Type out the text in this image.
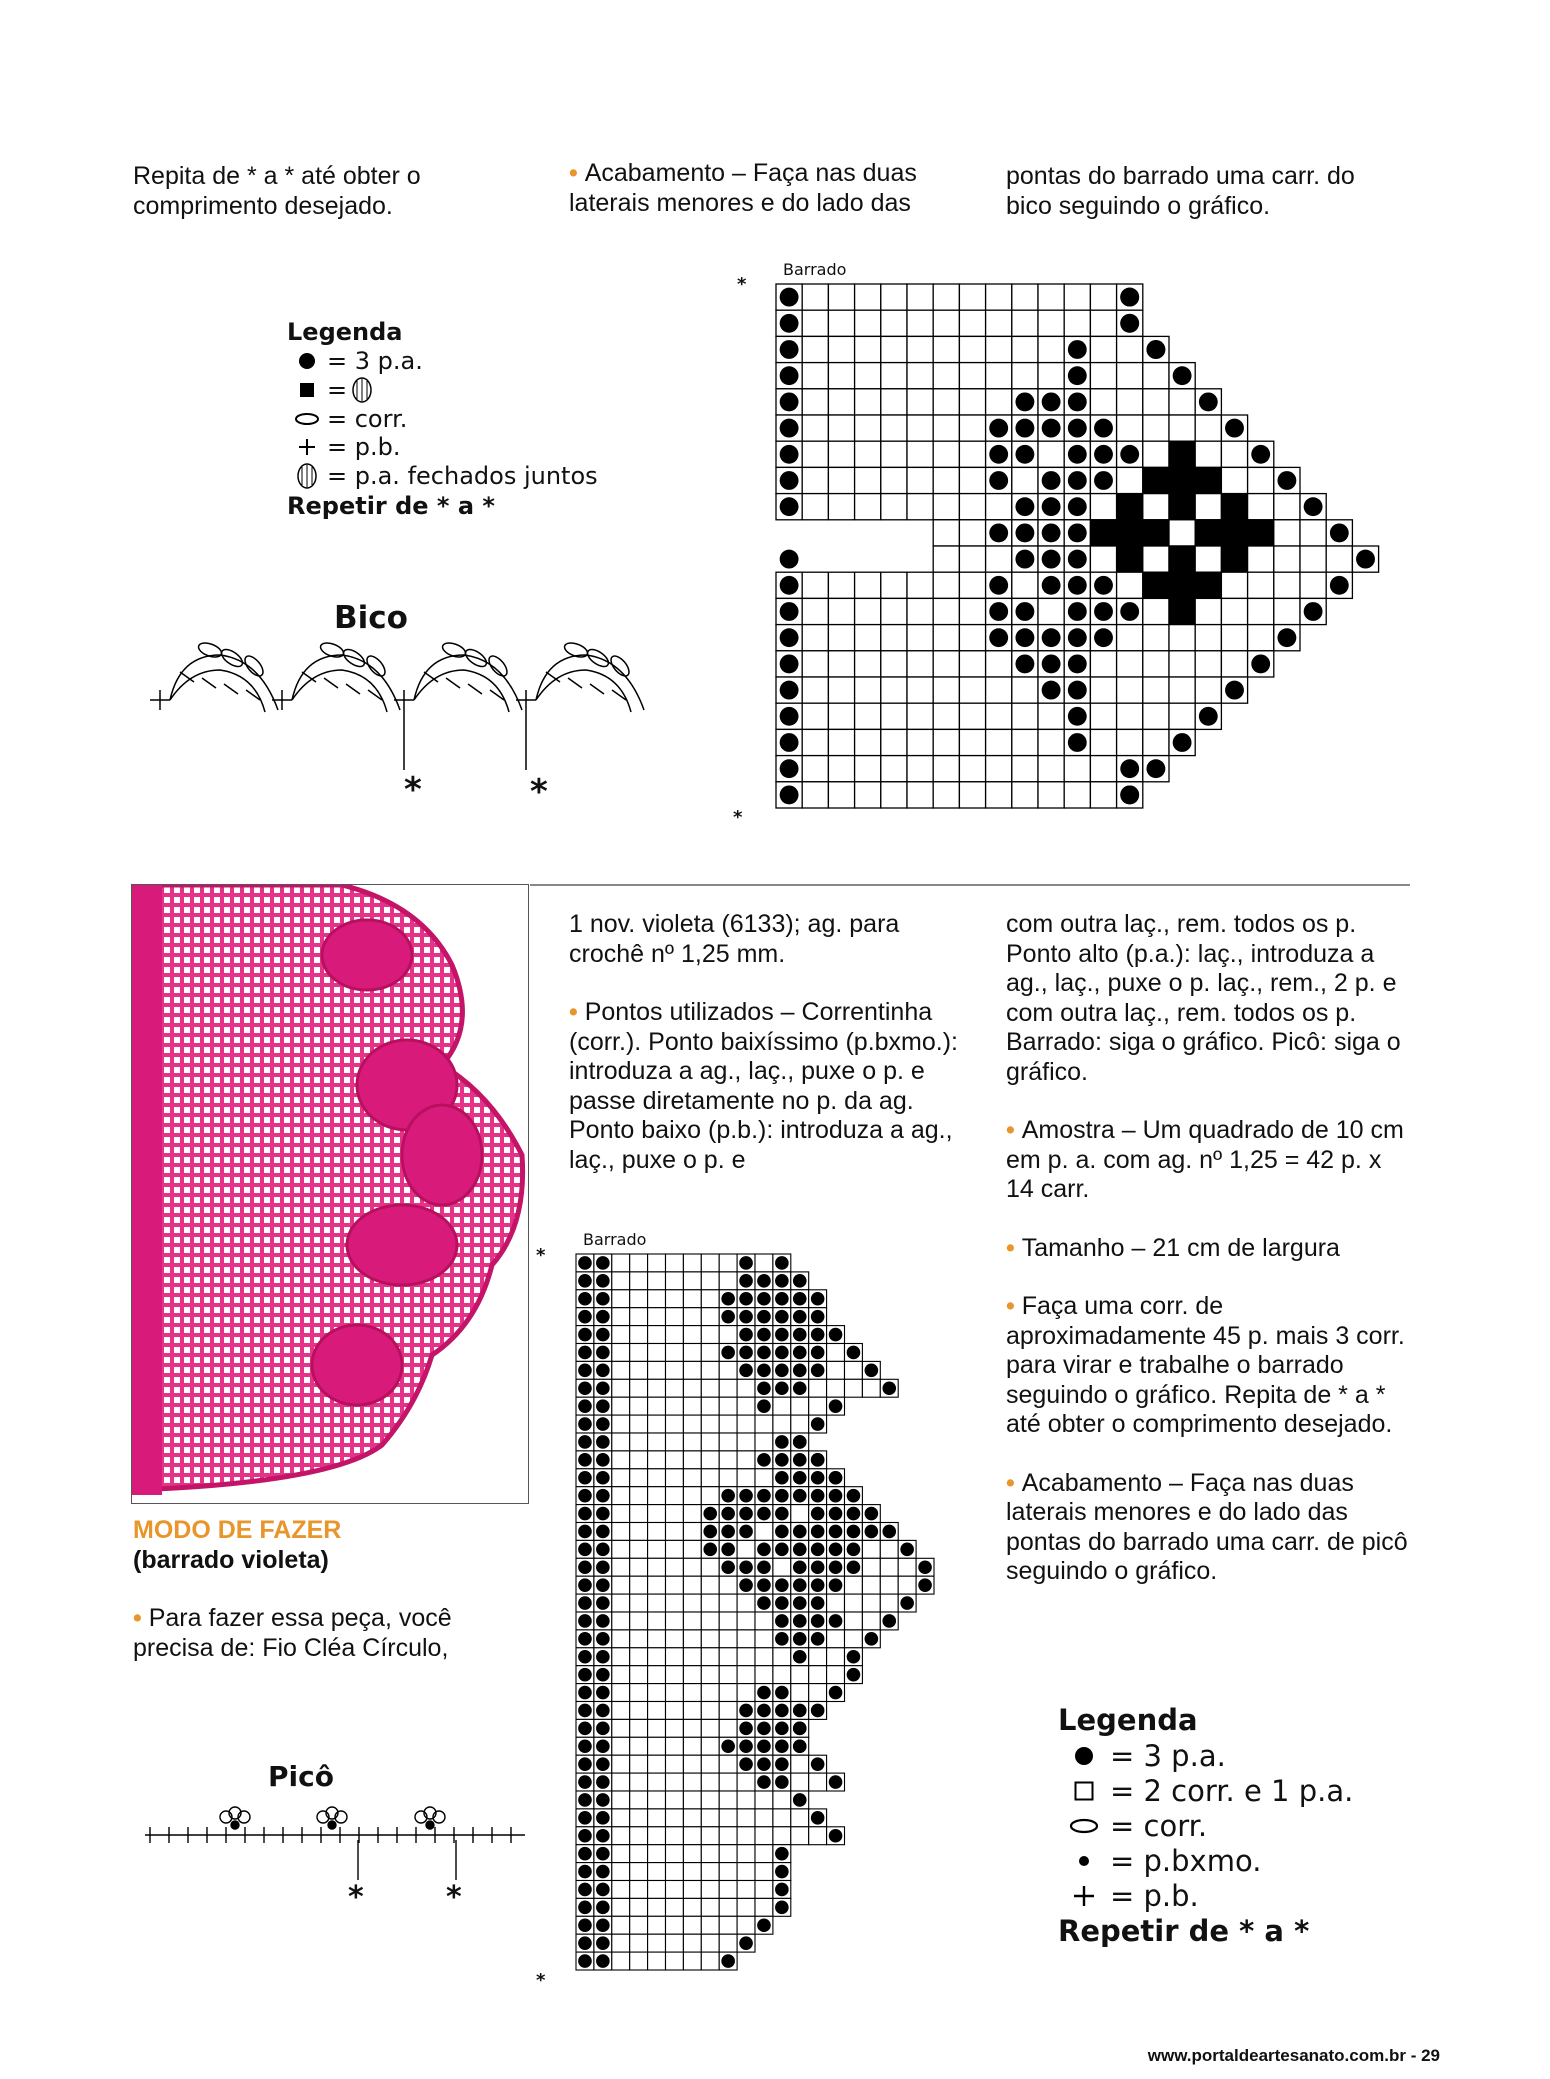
Repita de * a * até obter o comprimento desejado.

• Acabamento – Faça nas duas laterais menores e do lado das

pontas do barrado uma carr. do bico seguindo o gráfico.

Legenda
= 3 p.a.
=
= corr.
= p.b.
= p.a. fechados juntos
Repetir de * a *
Bico
*	*
Barrado
*
*
MODO DE FAZER
(barrado violeta)
• Para fazer essa peça, você precisa de: Fio Cléa Círculo,
Picô
*	*

1 nov. violeta (6133); ag. para crochê nº 1,25 mm.

• Pontos utilizados – Correntinha (corr.). Ponto baixíssimo (p.bxmo.): introduza a ag., laç., puxe o p. e passe diretamente no p. da ag. Ponto baixo (p.b.): introduza a ag., laç., puxe o p. e

com outra laç., rem. todos os p. Ponto alto (p.a.): laç., introduza a ag., laç., puxe o p. laç., rem., 2 p. e com outra laç., rem. todos os p. Barrado: siga o gráfico. Picô: siga o gráfico.

• Amostra – Um quadrado de 10 cm em p. a. com ag. nº 1,25 = 42 p. x 14 carr.

• Tamanho – 21 cm de largura

• Faça uma corr. de aproximadamente 45 p. mais 3 corr. para virar e trabalhe o barrado seguindo o gráfico. Repita de * a * até obter o comprimento desejado.

• Acabamento – Faça nas duas laterais menores e do lado das pontas do barrado uma carr. de picô seguindo o gráfico.

Barrado
*
*
Legenda
= 3 p.a.
= 2 corr. e 1 p.a.
= corr.
= p.bxmo.
= p.b.
Repetir de * a *
www.portaldeartesanato.com.br - 29
